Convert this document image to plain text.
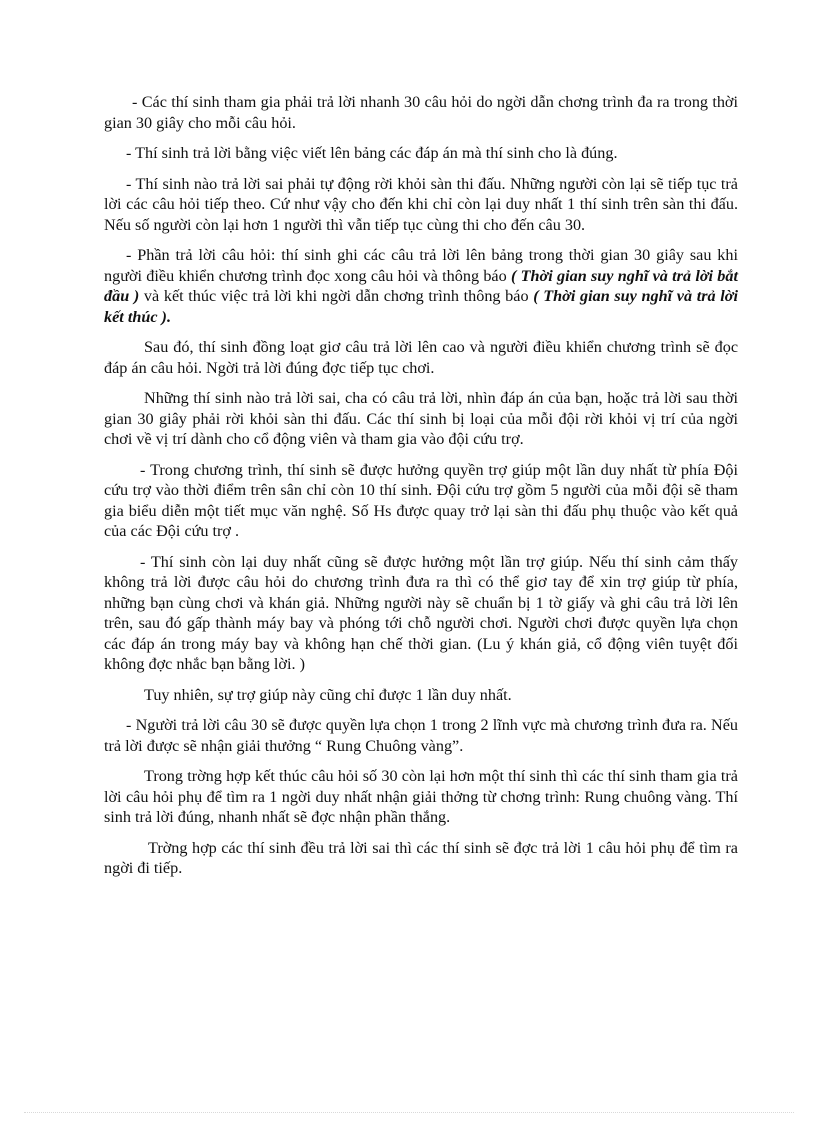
- Các thí sinh tham gia phải trả lời nhanh 30 câu hỏi do ngời dẫn chơng trình đa ra trong thời gian 30 giây cho mỗi câu hỏi.

- Thí sinh trả lời bằng việc viết lên bảng các đáp án mà thí sinh cho là đúng.

- Thí sinh nào trả lời sai phải tự động rời khỏi sàn thi đấu. Những người còn lại sẽ tiếp tục trả lời các câu hỏi tiếp theo. Cứ như vậy cho đến khi chỉ còn lại duy nhất 1 thí sinh trên sàn thi đấu. Nếu số người còn lại hơn 1 người thì vẫn tiếp tục cùng thi cho đến câu 30.

- Phần trả lời câu hỏi: thí sinh ghi các câu trả lời lên bảng trong thời gian 30 giây sau khi người điều khiển chương trình đọc xong câu hỏi và thông báo ( Thời gian suy nghĩ và trả lời bắt đầu ) và kết thúc việc trả lời khi ngời dẫn chơng trình thông báo ( Thời gian suy nghĩ và trả lời kết thúc ).

Sau đó, thí sinh đồng loạt giơ câu trả lời lên cao và người điều khiển chương trình sẽ đọc đáp án câu hỏi. Ngời trả lời đúng đợc tiếp tục chơi.

Những thí sinh nào trả lời sai, cha có câu trả lời, nhìn đáp án của bạn, hoặc trả lời sau thời gian 30 giây phải rời khỏi sàn thi đấu. Các thí sinh bị loại của mỗi đội rời khỏi vị trí của ngời chơi về vị trí dành cho cổ động viên và tham gia vào đội cứu trợ.

- Trong chương trình, thí sinh sẽ được hưởng quyền trợ giúp một lần duy nhất từ phía Đội cứu trợ vào thời điểm trên sân chỉ còn 10 thí sinh. Đội cứu trợ gồm 5 người của mỗi đội sẽ tham gia biểu diễn một tiết mục văn nghệ. Số Hs được quay trở lại sàn thi đấu phụ thuộc vào kết quả của các Đội cứu trợ .

- Thí sinh còn lại duy nhất cũng sẽ được hưởng một lần trợ giúp. Nếu thí sinh cảm thấy không trả lời được câu hỏi do chương trình đưa ra thì có thể giơ tay để xin trợ giúp từ phía, những bạn cùng chơi và khán giả. Những người này sẽ chuẩn bị 1 tờ giấy và ghi câu trả lời lên trên, sau đó gấp thành máy bay và phóng tới chỗ người chơi. Người chơi được quyền lựa chọn các đáp án trong máy bay và không hạn chế thời gian. (Lu ý khán giả, cổ động viên tuyệt đối không đợc nhắc bạn bằng lời. )

Tuy nhiên, sự trợ giúp này cũng chỉ được 1 lần duy nhất.

- Người trả lời câu 30 sẽ được quyền lựa chọn 1 trong 2 lĩnh vực mà chương trình đưa ra. Nếu trả lời được sẽ nhận giải thưởng “ Rung Chuông vàng”.

Trong trờng hợp kết thúc câu hỏi số 30 còn lại hơn một thí sinh thì các thí sinh tham gia trả lời câu hỏi phụ để tìm ra 1 ngời duy nhất nhận giải thởng từ chơng trình: Rung chuông vàng. Thí sinh trả lời đúng, nhanh nhất sẽ đợc nhận phần thắng.

Trờng hợp các thí sinh đều trả lời sai thì các thí sinh sẽ đợc trả lời 1 câu hỏi phụ để tìm ra ngời đi tiếp.
